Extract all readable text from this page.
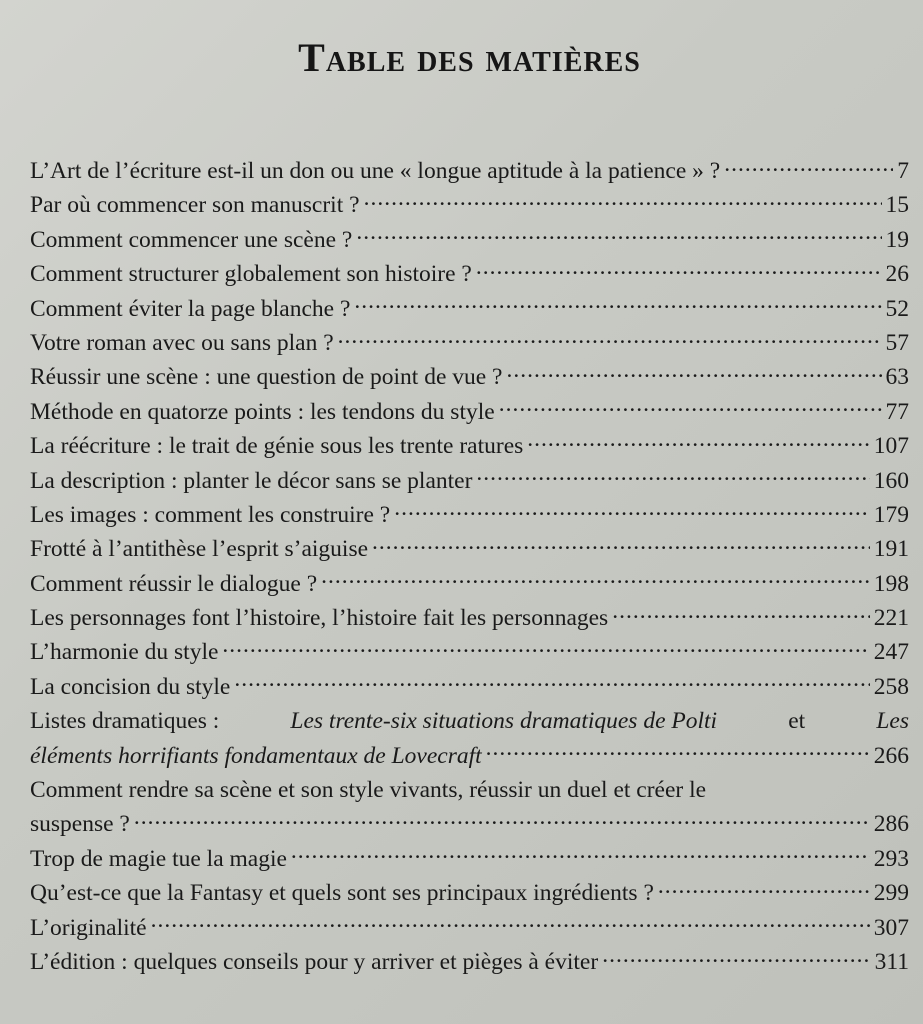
Table des matières
L’Art de l’écriture est-il un don ou une « longue aptitude à la patience » ? .....	7
Par où commencer son manuscrit ? .....	15
Comment commencer une scène ? .....	19
Comment structurer globalement son histoire ? .....	26
Comment éviter la page blanche ? .....	52
Votre roman avec ou sans plan ? .....	57
Réussir une scène : une question de point de vue ? .....	63
Méthode en quatorze points : les tendons du style .....	77
La réécriture : le trait de génie sous les trente ratures .....	107
La description : planter le décor sans se planter .....	160
Les images : comment les construire ? .....	179
Frotté à l’antithèse l’esprit s’aiguise .....	191
Comment réussir le dialogue ? .....	198
Les personnages font l’histoire, l’histoire fait les personnages .....	221
L’harmonie du style .....	247
La concision du style .....	258
Listes dramatiques :	Les trente-six situations dramatiques de Polti	et	Les
éléments horrifiants fondamentaux de Lovecraft .....	266
Comment rendre sa scène et son style vivants, réussir un duel et créer le
suspense ? .....	286
Trop de magie tue la magie .....	293
Qu’est-ce que la Fantasy et quels sont ses principaux ingrédients ? .....	299
L’originalité .....	307
L’édition : quelques conseils pour y arriver et pièges à éviter .....	311
